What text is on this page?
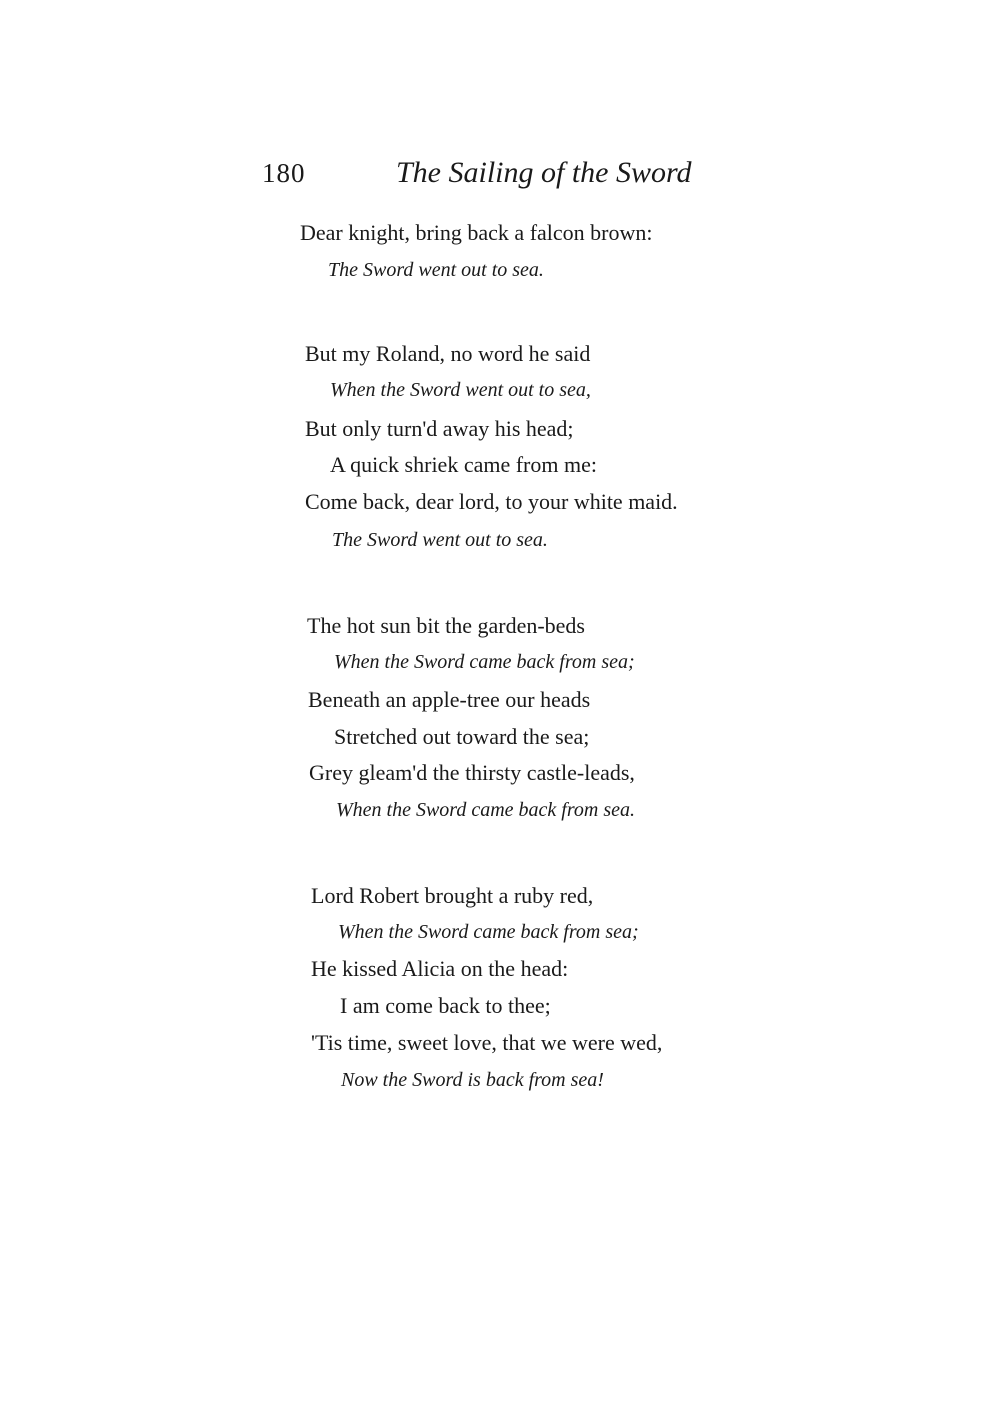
180	The Sailing of the Sword
Dear knight, bring back a falcon brown:
The Sword went out to sea.
But my Roland, no word he said
When the Sword went out to sea,
But only turn'd away his head;
A quick shriek came from me:
Come back, dear lord, to your white maid.
The Sword went out to sea.
The hot sun bit the garden-beds
When the Sword came back from sea;
Beneath an apple-tree our heads
Stretched out toward the sea;
Grey gleam'd the thirsty castle-leads,
When the Sword came back from sea.
Lord Robert brought a ruby red,
When the Sword came back from sea;
He kissed Alicia on the head:
I am come back to thee;
'Tis time, sweet love, that we were wed,
Now the Sword is back from sea!
